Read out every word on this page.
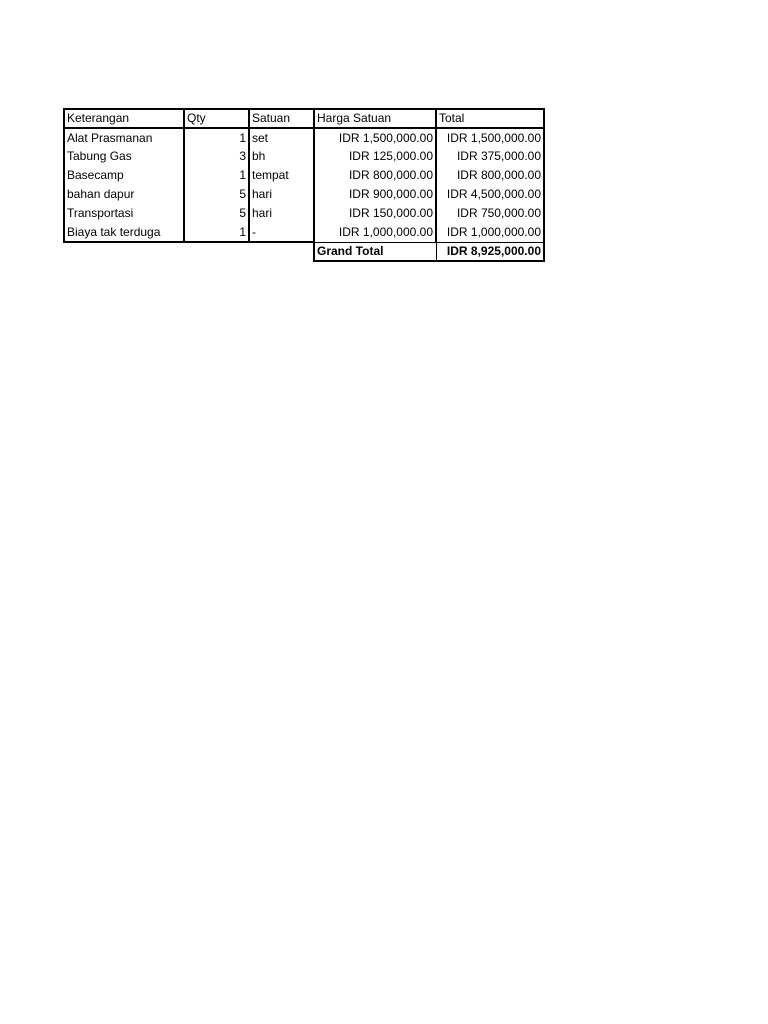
Keterangan	Qty	Satuan	Harga Satuan	Total
Alat Prasmanan	1	set	IDR 1,500,000.00	IDR 1,500,000.00
Tabung Gas	3	bh	IDR 125,000.00	IDR 375,000.00
Basecamp	1	tempat	IDR 800,000.00	IDR 800,000.00
bahan dapur	5	hari	IDR 900,000.00	IDR 4,500,000.00
Transportasi	5	hari	IDR 150,000.00	IDR 750,000.00
Biaya tak terduga	1	-	IDR 1,000,000.00	IDR 1,000,000.00
			Grand Total	IDR 8,925,000.00
